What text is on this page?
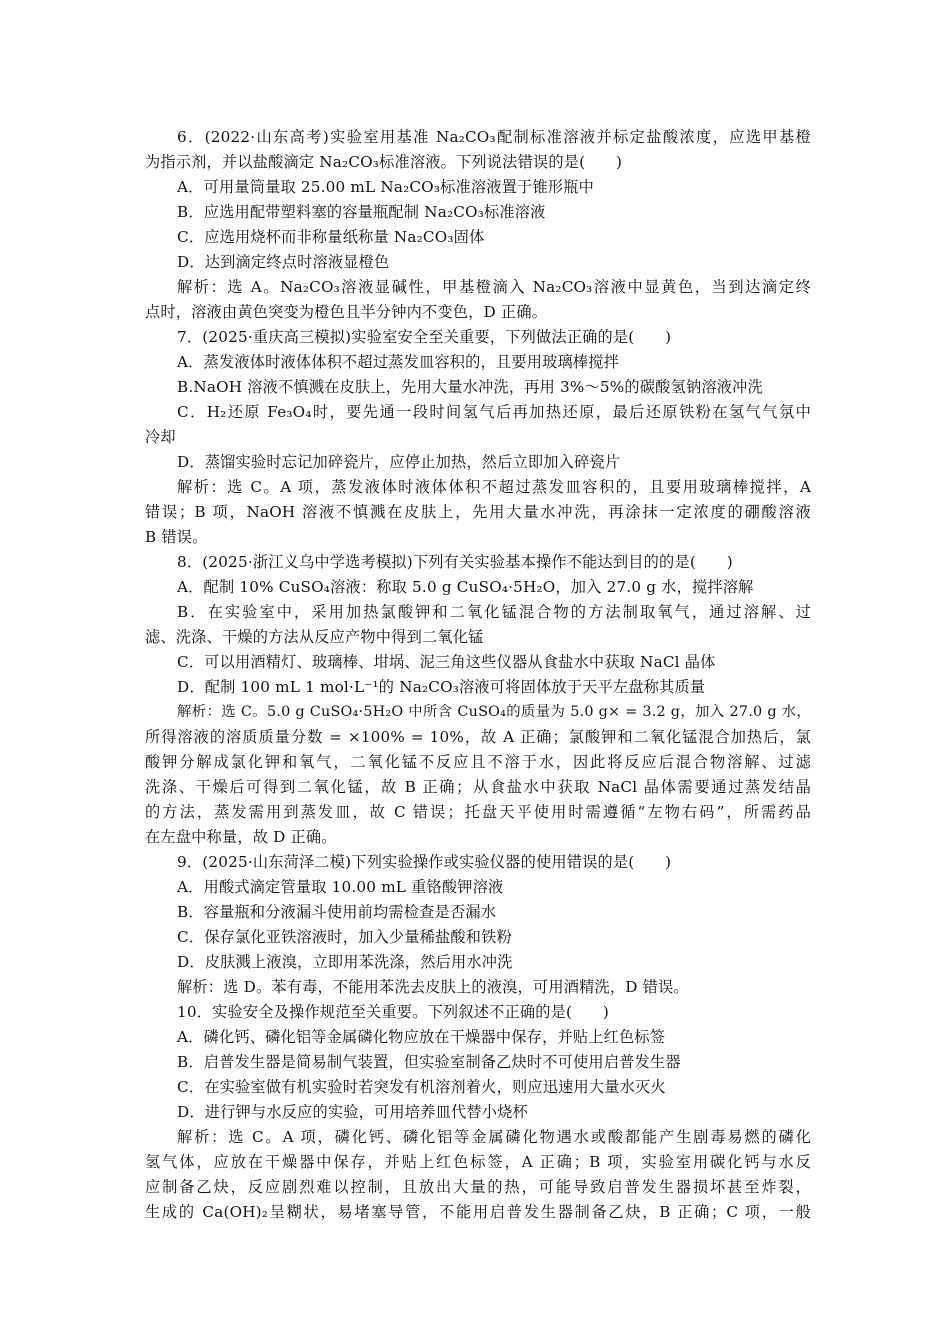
6．(2022·山东高考)实验室用基准 Na₂CO₃配制标准溶液并标定盐酸浓度，应选甲基橙
为指示剂，并以盐酸滴定 Na₂CO₃标准溶液。下列说法错误的是(　　)
A．可用量筒量取 25.00 mL Na₂CO₃标准溶液置于锥形瓶中
B．应选用配带塑料塞的容量瓶配制 Na₂CO₃标准溶液
C．应选用烧杯而非称量纸称量 Na₂CO₃固体
D．达到滴定终点时溶液显橙色
解析：选 A。Na₂CO₃溶液显碱性，甲基橙滴入 Na₂CO₃溶液中显黄色，当到达滴定终
点时，溶液由黄色突变为橙色且半分钟内不变色，D 正确。
7．(2025·重庆高三模拟)实验室安全至关重要，下列做法正确的是(　　)
A．蒸发液体时液体体积不超过蒸发皿容积的，且要用玻璃棒搅拌
B.NaOH 溶液不慎溅在皮肤上，先用大量水冲洗，再用 3%～5%的碳酸氢钠溶液冲洗
C．H₂还原 Fe₃O₄时，要先通一段时间氢气后再加热还原，最后还原铁粉在氢气气氛中
冷却
D．蒸馏实验时忘记加碎瓷片，应停止加热，然后立即加入碎瓷片
解析：选 C。A 项，蒸发液体时液体体积不超过蒸发皿容积的，且要用玻璃棒搅拌，A
错误；B 项，NaOH 溶液不慎溅在皮肤上，先用大量水冲洗，再涂抹一定浓度的硼酸溶液
B 错误。
8．(2025·浙江义乌中学选考模拟)下列有关实验基本操作不能达到目的的是(　　)
A．配制 10% CuSO₄溶液：称取 5.0 g CuSO₄·5H₂O，加入 27.0 g 水，搅拌溶解
B．在实验室中，采用加热氯酸钾和二氧化锰混合物的方法制取氧气，通过溶解、过
滤、洗涤、干燥的方法从反应产物中得到二氧化锰
C．可以用酒精灯、玻璃棒、坩埚、泥三角这些仪器从食盐水中获取 NaCl 晶体
D．配制 100 mL 1 mol·L⁻¹的 Na₂CO₃溶液可将固体放于天平左盘称其质量
解析：选 C。5.0 g CuSO₄·5H₂O 中所含 CuSO₄的质量为 5.0 g× = 3.2 g，加入 27.0 g 水，
所得溶液的溶质质量分数 = ×100% = 10%，故 A 正确；氯酸钾和二氧化锰混合加热后，氯
酸钾分解成氯化钾和氧气，二氧化锰不反应且不溶于水，因此将反应后混合物溶解、过滤
洗涤、干燥后可得到二氧化锰，故 B 正确；从食盐水中获取 NaCl 晶体需要通过蒸发结晶
的方法，蒸发需用到蒸发皿，故 C 错误；托盘天平使用时需遵循“左物右码”，所需药品
在左盘中称量，故 D 正确。
9．(2025·山东菏泽二模)下列实验操作或实验仪器的使用错误的是(　　)
A．用酸式滴定管量取 10.00 mL 重铬酸钾溶液
B．容量瓶和分液漏斗使用前均需检查是否漏水
C．保存氯化亚铁溶液时，加入少量稀盐酸和铁粉
D．皮肤溅上液溴，立即用苯洗涤，然后用水冲洗
解析：选 D。苯有毒，不能用苯洗去皮肤上的液溴，可用酒精洗，D 错误。
10．实验安全及操作规范至关重要。下列叙述不正确的是(　　)
A．磷化钙、磷化铝等金属磷化物应放在干燥器中保存，并贴上红色标签
B．启普发生器是简易制气装置，但实验室制备乙炔时不可使用启普发生器
C．在实验室做有机实验时若突发有机溶剂着火，则应迅速用大量水灭火
D．进行钾与水反应的实验，可用培养皿代替小烧杯
解析：选 C。A 项，磷化钙、磷化铝等金属磷化物遇水或酸都能产生剧毒易燃的磷化
氢气体，应放在干燥器中保存，并贴上红色标签，A 正确；B 项，实验室用碳化钙与水反
应制备乙炔，反应剧烈难以控制，且放出大量的热，可能导致启普发生器损坏甚至炸裂，
生成的 Ca(OH)₂呈糊状，易堵塞导管，不能用启普发生器制备乙炔，B 正确；C 项，一般
